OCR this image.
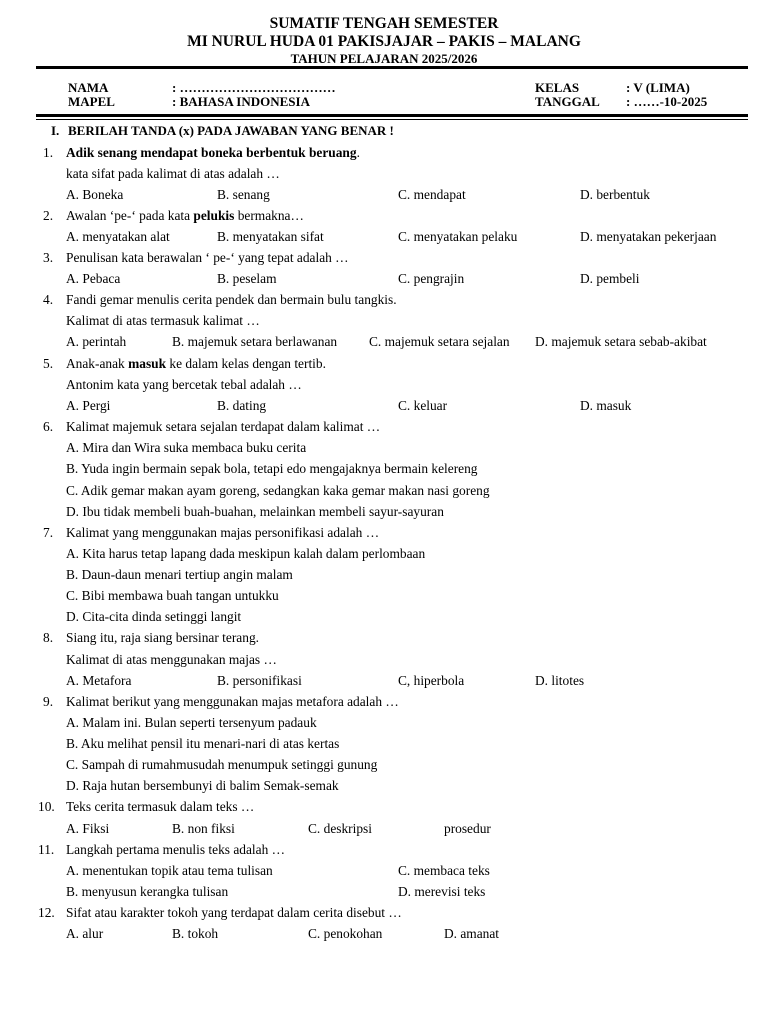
SUMATIF TENGAH SEMESTER
MI NURUL HUDA 01 PAKISJAJAR – PAKIS – MALANG
TAHUN PELAJARAN 2025/2026
NAMA	: ………………………………	KELAS	: V (LIMA)
MAPEL	: BAHASA INDONESIA	TANGGAL : ……-10-2025
I. BERILAH TANDA (x) PADA JAWABAN YANG BENAR !
1. Adik senang mendapat boneka berbentuk beruang.
kata sifat pada kalimat di atas adalah …
A. Boneka	B. senang	C. mendapat	D. berbentuk
2. Awalan ‘pe-‘ pada kata pelukis bermakna…
A. menyatakan alat	B. menyatakan sifat	C. menyatakan pelaku	D. menyatakan pekerjaan
3. Penulisan kata berawalan ‘ pe-‘ yang tepat adalah …
A. Pebaca	B. peselam	C. pengrajin	D. pembeli
4. Fandi gemar menulis cerita pendek dan bermain bulu tangkis.
Kalimat di atas termasuk kalimat …
A. perintah	B. majemuk setara berlawanan C. majemuk setara sejalan D. majemuk setara sebab-akibat
5. Anak-anak masuk ke dalam kelas dengan tertib.
Antonim kata yang bercetak tebal adalah …
A. Pergi	B. dating	C. keluar	D. masuk
6. Kalimat majemuk setara sejalan terdapat dalam kalimat …
A. Mira dan Wira suka membaca buku cerita
B. Yuda ingin bermain sepak bola, tetapi edo mengajaknya bermain kelereng
C. Adik gemar makan ayam goreng, sedangkan kaka gemar makan nasi goreng
D. Ibu tidak membeli buah-buahan, melainkan membeli sayur-sayuran
7. Kalimat yang menggunakan majas personifikasi adalah …
A. Kita harus tetap lapang dada meskipun kalah dalam perlombaan
B. Daun-daun menari tertiup angin malam
C. Bibi membawa buah tangan untukku
D. Cita-cita dinda setinggi langit
8. Siang itu, raja siang bersinar terang.
Kalimat di atas menggunakan majas …
A. Metafora	B. personifikasi	C, hiperbola	D. litotes
9. Kalimat berikut yang menggunakan majas metafora adalah …
A. Malam ini. Bulan seperti tersenyum padauk
B. Aku melihat pensil itu menari-nari di atas kertas
C. Sampah di rumahmusudah menumpuk setinggi gunung
D. Raja hutan bersembunyi di balim Semak-semak
10. Teks cerita termasuk dalam teks …
A. Fiksi	B. non fiksi	C. deskripsi	prosedur
11. Langkah pertama menulis teks adalah …
A. menentukan topik atau tema tulisan	C. membaca teks
B. menyusun kerangka tulisan	D. merevisi teks
12. Sifat atau karakter tokoh yang terdapat dalam cerita disebut …
A. alur	B. tokoh	C. penokohan	D. amanat
